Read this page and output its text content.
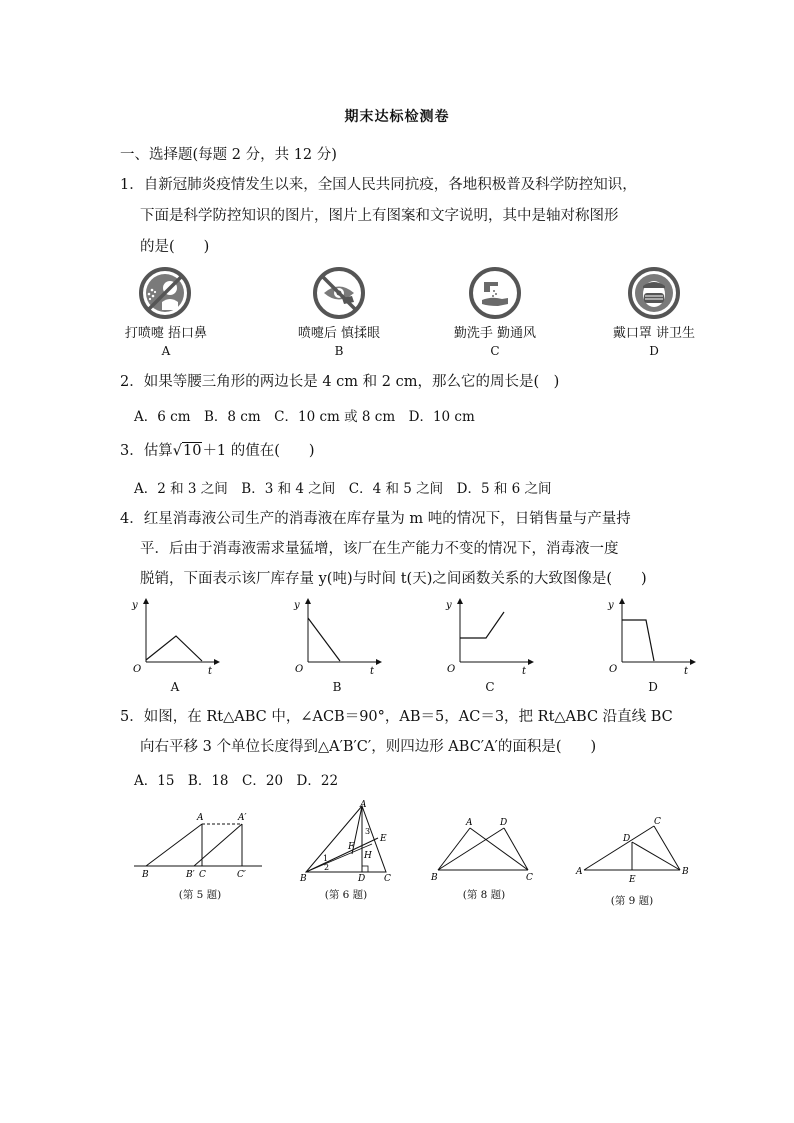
期末达标检测卷
一、选择题(每题 2 分，共 12 分)
1．自新冠肺炎疫情发生以来，全国人民共同抗疫，各地积极普及科学防控知识，
下面是科学防控知识的图片，图片上有图案和文字说明，其中是轴对称图形
的是(　　)
打喷嚏 捂口鼻
A
喷嚏后 慎揉眼
B
勤洗手 勤通风
C
戴口罩 讲卫生
D
2．如果等腰三角形的两边长是 4 cm 和 2 cm，那么它的周长是(　)
A．6 cm　B．8 cm　C．10 cm 或 8 cm　D．10 cm
3．估算√10＋1 的值在(　　)
A．2 和 3 之间　B．3 和 4 之间　C．4 和 5 之间　D．5 和 6 之间
4．红星消毒液公司生产的消毒液在库存量为 m 吨的情况下，日销售量与产量持
平．后由于消毒液需求量猛增，该厂在生产能力不变的情况下，消毒液一度
脱销，下面表示该厂库存量 y(吨)与时间 t(天)之间函数关系的大致图像是(　　)
y
t
O
y
t
O
y
t
O
y
t
O
A	B	C	D
5．如图，在 Rt△ABC 中，∠ACB＝90°，AB＝5，AC＝3，把 Rt△ABC 沿直线 BC
向右平移 3 个单位长度得到△A′B′C′，则四边形 ABC′A′的面积是(　　)
A．15　B．18　C．20　D．22
A	A′
B	B′ C	C′
(第 5 题)
A
B	C
D
E
F
H
1
2
3
(第 6 题)
A	D
B	C
(第 8 题)
A	B
C
D
E
(第 9 题)
